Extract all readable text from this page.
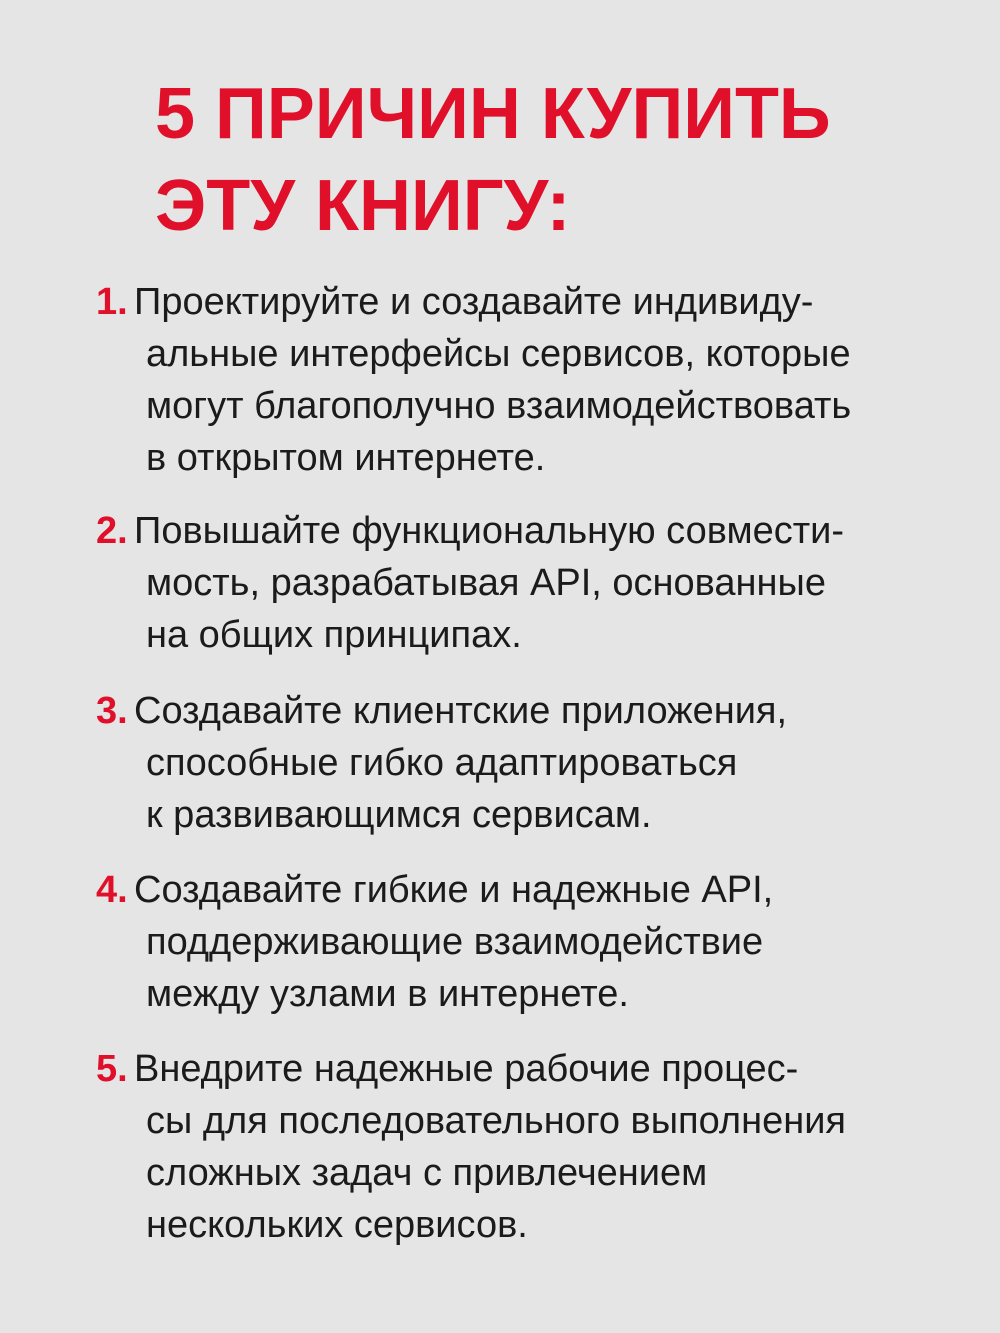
5 ПРИЧИН КУПИТЬ
ЭТУ КНИГУ:
1. Проектируйте и создавайте индивиду-
альные интерфейсы сервисов, которые
могут благополучно взаимодействовать
в открытом интернете.
2. Повышайте функциональную совмести-
мость, разрабатывая API, основанные
на общих принципах.
3. Создавайте клиентские приложения,
способные гибко адаптироваться
к развивающимся сервисам.
4. Создавайте гибкие и надежные API,
поддерживающие взаимодействие
между узлами в интернете.
5. Внедрите надежные рабочие процес-
сы для последовательного выполнения
сложных задач с привлечением
нескольких сервисов.
